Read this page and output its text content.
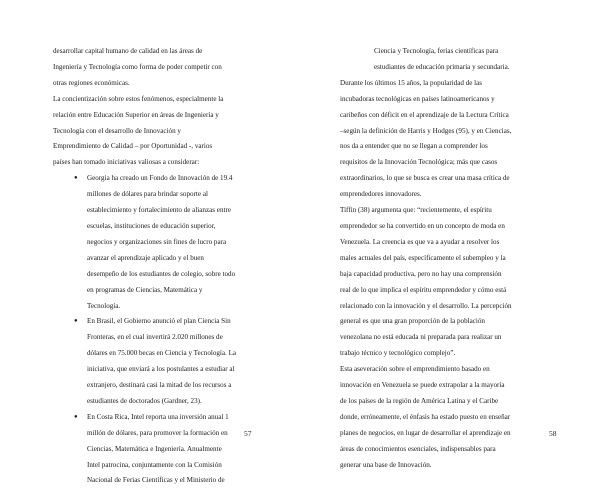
desarrollar capital humano de calidad en las áreas de

Ingeniería y Tecnología como forma de poder competir con

otras regiones económicas.

La concientización sobre estos fenómenos, especialmente la

relación entre Educación Superior en áreas de Ingeniería y

Tecnología con el desarrollo de Innovación y

Emprendimiento de Calidad – por Oportunidad -, varios

países han tomado iniciativas valiosas a considerar:

● Georgia ha creado un Fondo de Innovación de 19.4

millones de dólares para brindar soporte al

establecimiento y fortalecimiento de alianzas entre

escuelas, instituciones de educación superior,

negocios y organizaciones sin fines de lucro para

avanzar el aprendizaje aplicado y el buen

desempeño de los estudiantes de colegio, sobre todo

en programas de Ciencias, Matemática y

Tecnología.

● En Brasil, el Gobierno anunció el plan Ciencia Sin

Fronteras, en el cual invertirá 2.020 millones de

dólares en 75.000 becas en Ciencia y Tecnología. La

iniciativa, que enviará a los postulantes a estudiar al

extranjero, destinará casi la mitad de los recursos a

estudiantes de doctorados (Gardner, 23).

● En Costa Rica, Intel reporta una inversión anual 1

millón de dólares, para promover la formación en

Ciencias, Matemática e Ingeniería. Anualmente

Intel patrocina, conjuntamente con la Comisión

Nacional de Ferias Científicas y el Ministerio de

57

Ciencia y Tecnología, ferias científicas para

estudiantes de educación primaria y secundaria.

Durante los últimos 15 años, la popularidad de las

incubadoras tecnológicas en países latinoamericanos y

caribeños con déficit en el aprendizaje de la Lectura Crítica

–según la definición de Harris y Hodges (95), y en Ciencias,

nos da a entender que no se llegan a comprender los

requisitos de la Innovación Tecnológica; más que casos

extraordinarios, lo que se busca es crear una masa crítica de

emprendedores innovadores.

Tiffin (38) argumenta que: “recientemente, el espíritu

emprendedor se ha convertido en un concepto de moda en

Venezuela. La creencia es que va a ayudar a resolver los

males actuales del país, específicamente el subempleo y la

baja capacidad productiva, pero no hay una comprensión

real de lo que implica el espíritu emprendedor y cómo está

relacionado con la innovación y el desarrollo. La percepción

general es que una gran proporción de la población

venezolana no está educada ni preparada para realizar un

trabajo técnico y tecnológico complejo”.

Esta aseveración sobre el emprendimiento basado en

innovación en Venezuela se puede extrapolar a la mayoría

de los países de la región de América Latina y el Caribe

donde, erróneamente, el énfasis ha estado puesto en enseñar

planes de negocios, en lugar de desarrollar el aprendizaje en

áreas de conocimientos esenciales, indispensables para

generar una base de Innovación.

58
